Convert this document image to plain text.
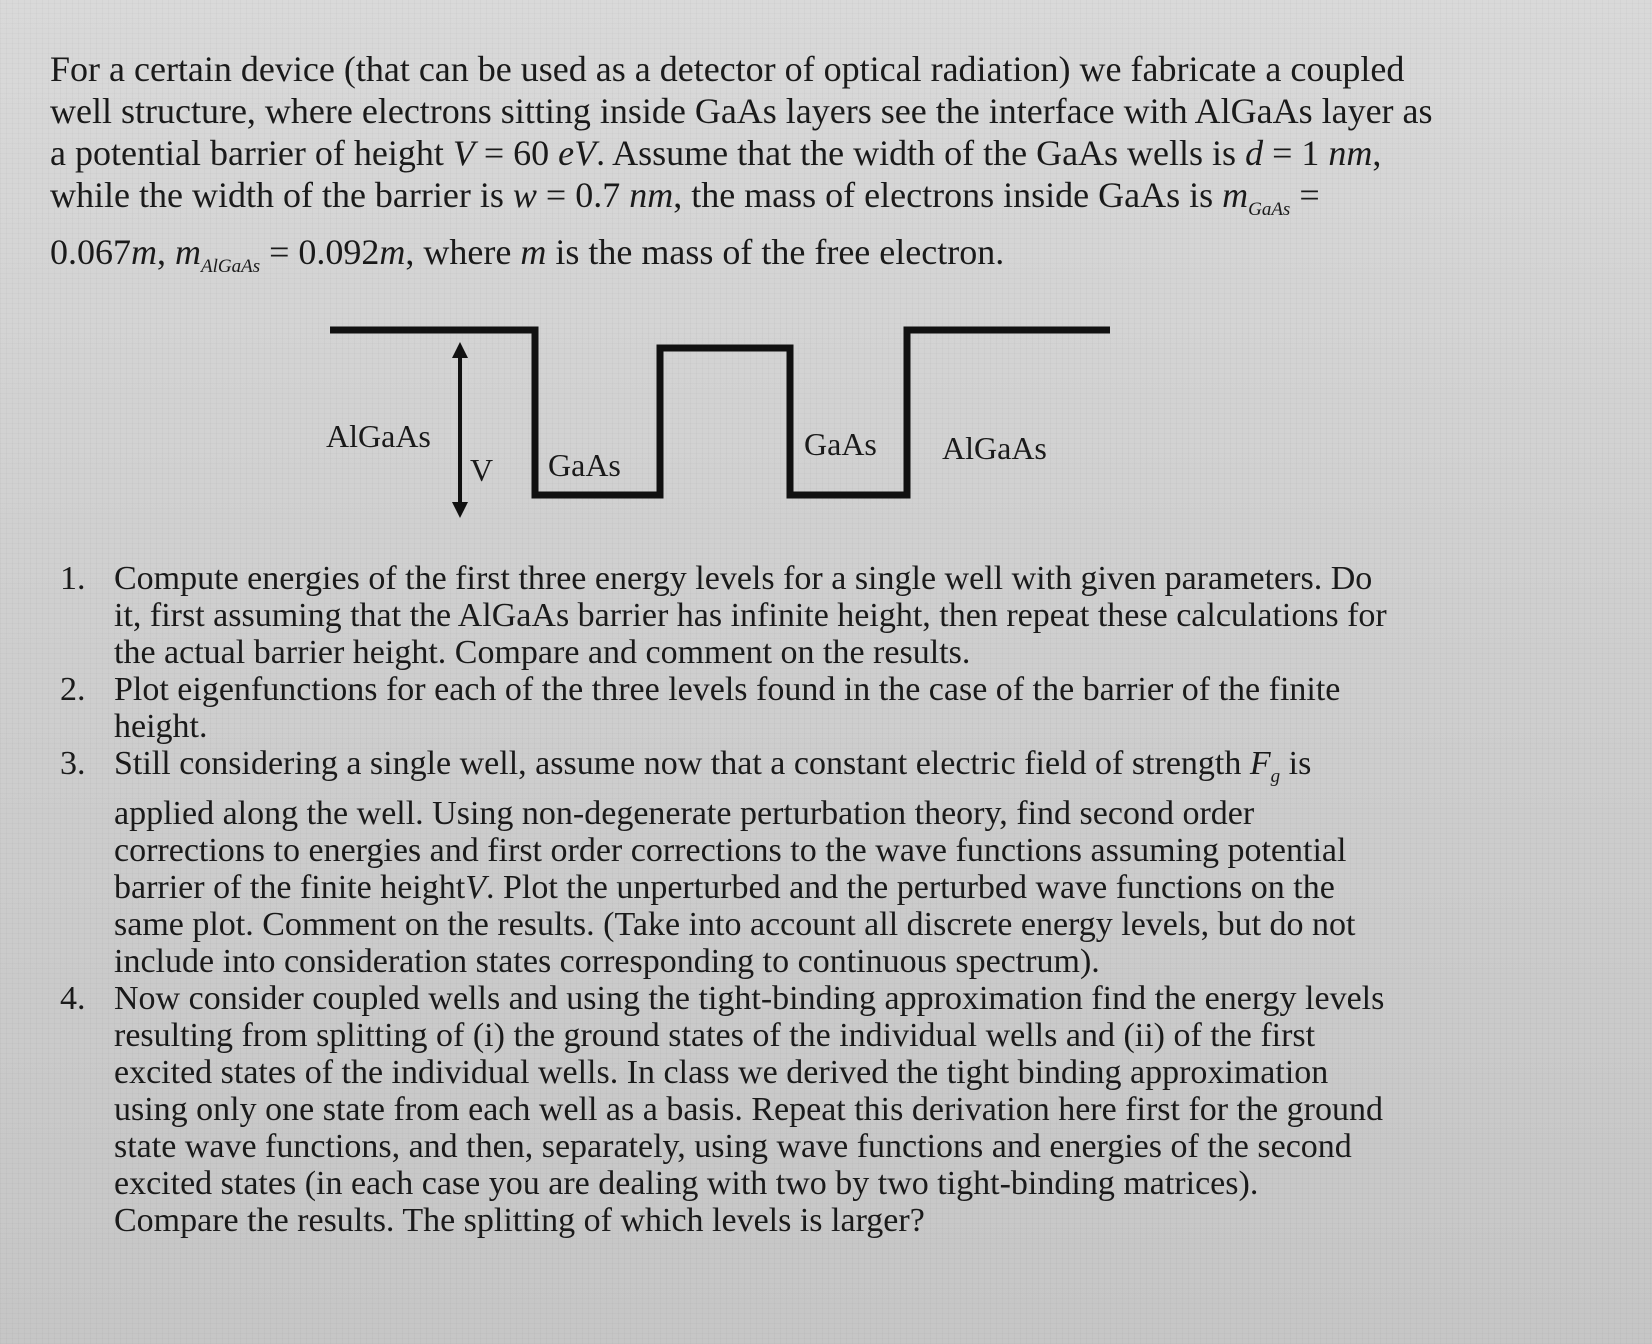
For a certain device (that can be used as a detector of optical radiation) we fabricate a coupled
well structure, where electrons sitting inside GaAs layers see the interface with AlGaAs layer as
a potential barrier of height V = 60 eV. Assume that the width of the GaAs wells is d = 1 nm,
while the width of the barrier is w = 0.7 nm, the mass of electrons inside GaAs is $m_{GaAs}$ =
0.067m, $m_{AlGaAs} = 0.092m$, where m is the mass of the free electron.

AlGaAs
V GaAs
GaAs AlGaAs
1. Compute energies of the first three energy levels for a single well with given parameters. Do
it, first assuming that the AlGaAs barrier has infinite height, then repeat these calculations for
the actual barrier height. Compare and comment on the results.
2. Plot eigenfunctions for each of the three levels found in the case of the barrier of the finite
height.
3. Still considering a single well, assume now that a constant electric field of strength $F_g$ is
applied along the well. Using non-degenerate perturbation theory, find second order
corrections to energies and first order corrections to the wave functions assuming potential
barrier of the finite heightV. Plot the unperturbed and the perturbed wave functions on the
same plot. Comment on the results. (Take into account all discrete energy levels, but do not
include into consideration states corresponding to continuous spectrum).
4. Now consider coupled wells and using the tight-binding approximation find the energy levels
resulting from splitting of (i) the ground states of the individual wells and (ii) of the first
excited states of the individual wells. In class we derived the tight binding approximation
using only one state from each well as a basis. Repeat this derivation here first for the ground
state wave functions, and then, separately, using wave functions and energies of the second
excited states (in each case you are dealing with two by two tight-binding matrices).
Compare the results. The splitting of which levels is larger?
